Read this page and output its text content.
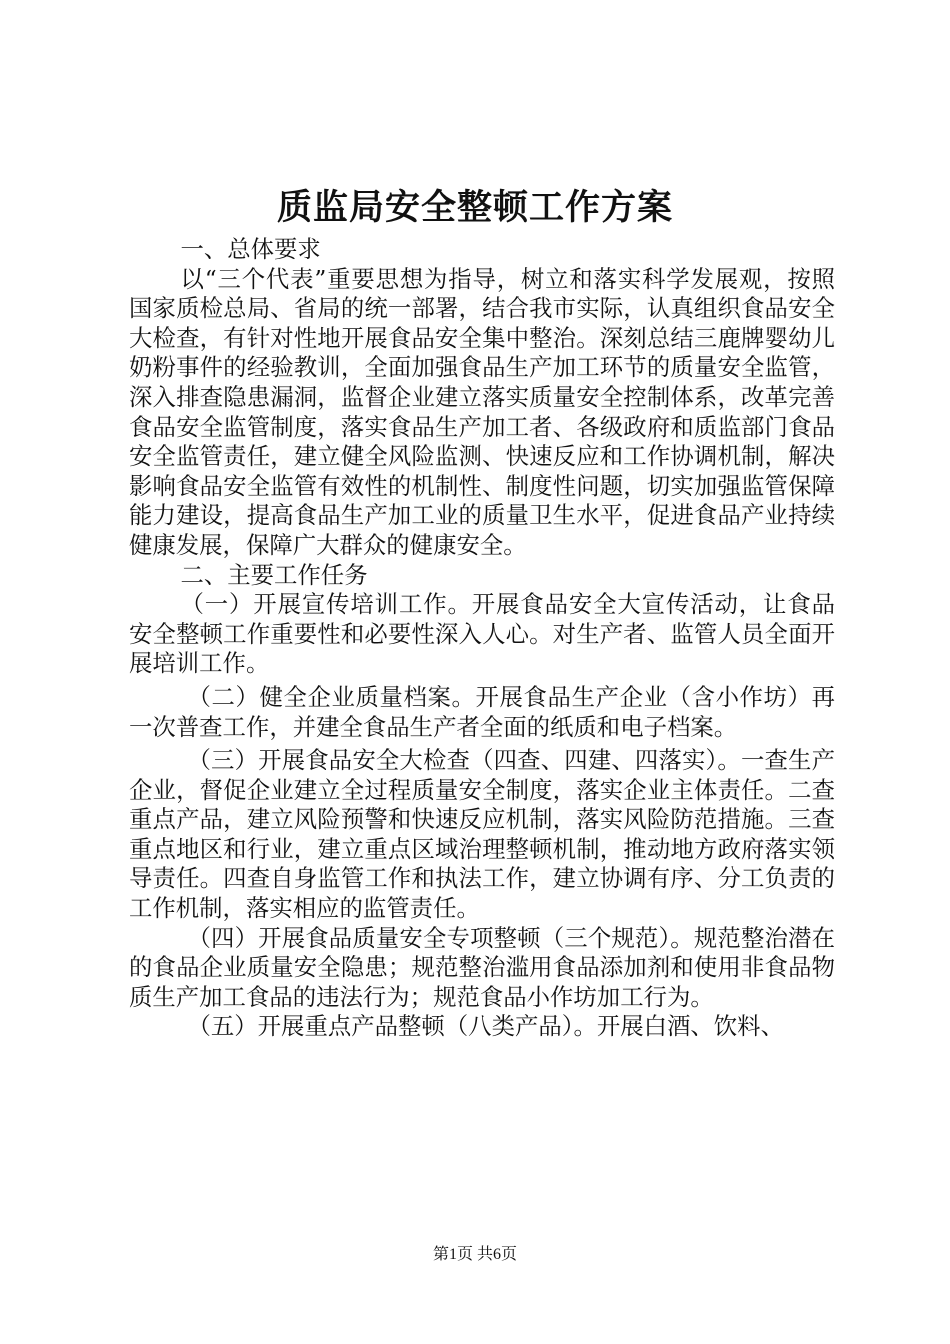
质监局安全整顿工作方案

一、总体要求

以“三个代表”重要思想为指导，树立和落实科学发展观，按照国家质检总局、省局的统一部署，结合我市实际，认真组织食品安全大检查，有针对性地开展食品安全集中整治。深刻总结三鹿牌婴幼儿奶粉事件的经验教训，全面加强食品生产加工环节的质量安全监管，深入排查隐患漏洞，监督企业建立落实质量安全控制体系，改革完善食品安全监管制度，落实食品生产加工者、各级政府和质监部门食品安全监管责任，建立健全风险监测、快速反应和工作协调机制，解决影响食品安全监管有效性的机制性、制度性问题，切实加强监管保障能力建设，提高食品生产加工业的质量卫生水平，促进食品产业持续健康发展，保障广大群众的健康安全。

二、主要工作任务

（一）开展宣传培训工作。开展食品安全大宣传活动，让食品安全整顿工作重要性和必要性深入人心。对生产者、监管人员全面开展培训工作。

（二）健全企业质量档案。开展食品生产企业（含小作坊）再一次普查工作，并建全食品生产者全面的纸质和电子档案。

（三）开展食品安全大检查（四查、四建、四落实）。一查生产企业，督促企业建立全过程质量安全制度，落实企业主体责任。二查重点产品，建立风险预警和快速反应机制，落实风险防范措施。三查重点地区和行业，建立重点区域治理整顿机制，推动地方政府落实领导责任。四查自身监管工作和执法工作，建立协调有序、分工负责的工作机制，落实相应的监管责任。

（四）开展食品质量安全专项整顿（三个规范）。规范整治潜在的食品企业质量安全隐患；规范整治滥用食品添加剂和使用非食品物质生产加工食品的违法行为；规范食品小作坊加工行为。

（五）开展重点产品整顿（八类产品）。开展白酒、饮料、

第1页 共6页
